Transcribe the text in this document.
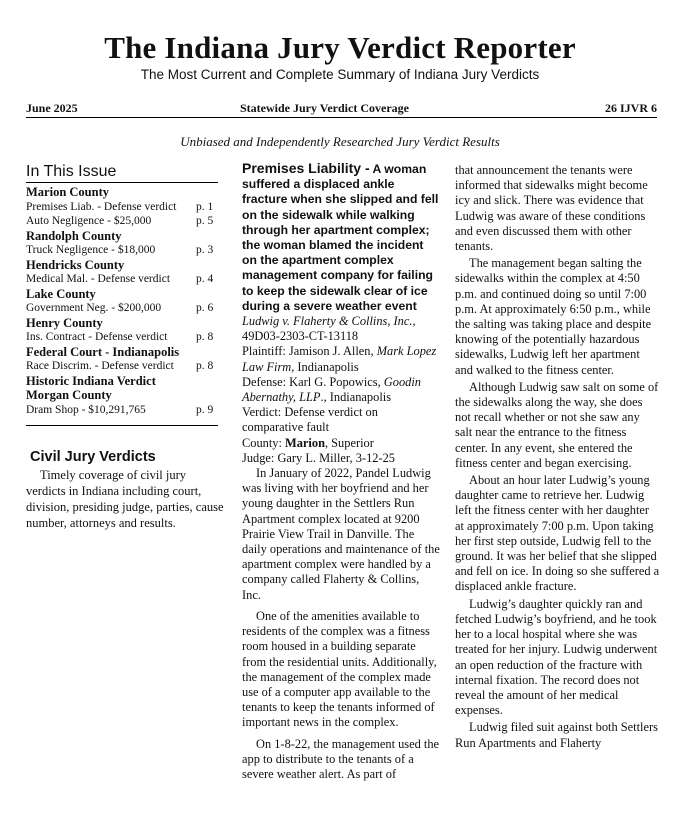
The Indiana Jury Verdict Reporter

The Most Current and Complete Summary of Indiana Jury Verdicts

June 2025	Statewide Jury Verdict Coverage	26 IJVR 6
Unbiased and Independently Researched Jury Verdict Results
In This Issue
Marion County
Premises Liab. - Defense verdict p. 1
Auto Negligence - $25,000	p. 5
Randolph County
Truck Negligence - $18,000	p. 3
Hendricks County
Medical Mal. - Defense verdict p. 4
Lake County
Government Neg. - $200,000	p. 6
Henry County
Ins. Contract - Defense verdict p. 8
Federal Court - Indianapolis
Race Discrim. - Defense verdict p. 8
Historic Indiana Verdict
Morgan County
Dram Shop - $10,291,765	p. 9
Civil Jury Verdicts

Timely coverage of civil jury verdicts in Indiana including court, division, presiding judge, parties, cause number, attorneys and results.

Premises Liability - A woman suffered a displaced ankle fracture when she slipped and fell on the sidewalk while walking through her apartment complex; the woman blamed the incident on the apartment complex management company for failing to keep the sidewalk clear of ice during a severe weather event

Ludwig v. Flaherty & Collins, Inc.,

49D03-2303-CT-13118

Plaintiff: Jamison J. Allen, Mark Lopez Law Firm, Indianapolis

Defense: Karl G. Popowics, Goodin Abernathy, LLP., Indianapolis

Verdict: Defense verdict on comparative fault

County: Marion, Superior

Judge: Gary L. Miller, 3-12-25

In January of 2022, Pandel Ludwig was living with her boyfriend and her young daughter in the Settlers Run Apartment complex located at 9200 Prairie View Trail in Danville. The daily operations and maintenance of the apartment complex were handled by a company called Flaherty & Collins, Inc.

One of the amenities available to residents of the complex was a fitness room housed in a building separate from the residential units. Additionally, the management of the complex made use of a computer app available to the tenants to keep the tenants informed of important news in the complex.

On 1-8-22, the management used the app to distribute to the tenants of a severe weather alert. As part of

that announcement the tenants were informed that sidewalks might become icy and slick. There was evidence that Ludwig was aware of these conditions and even discussed them with other tenants.

The management began salting the sidewalks within the complex at 4:50 p.m. and continued doing so until 7:00 p.m. At approximately 6:50 p.m., while the salting was taking place and despite knowing of the potentially hazardous sidewalks, Ludwig left her apartment and walked to the fitness center.

Although Ludwig saw salt on some of the sidewalks along the way, she does not recall whether or not she saw any salt near the entrance to the fitness center. In any event, she entered the fitness center and began exercising.

About an hour later Ludwig’s young daughter came to retrieve her. Ludwig left the fitness center with her daughter at approximately 7:00 p.m. Upon taking her first step outside, Ludwig fell to the ground. It was her belief that she slipped and fell on ice. In doing so she suffered a displaced ankle fracture.

Ludwig’s daughter quickly ran and fetched Ludwig’s boyfriend, and he took her to a local hospital where she was treated for her injury. Ludwig underwent an open reduction of the fracture with internal fixation. The record does not reveal the amount of her medical expenses.

Ludwig filed suit against both Settlers Run Apartments and Flaherty
